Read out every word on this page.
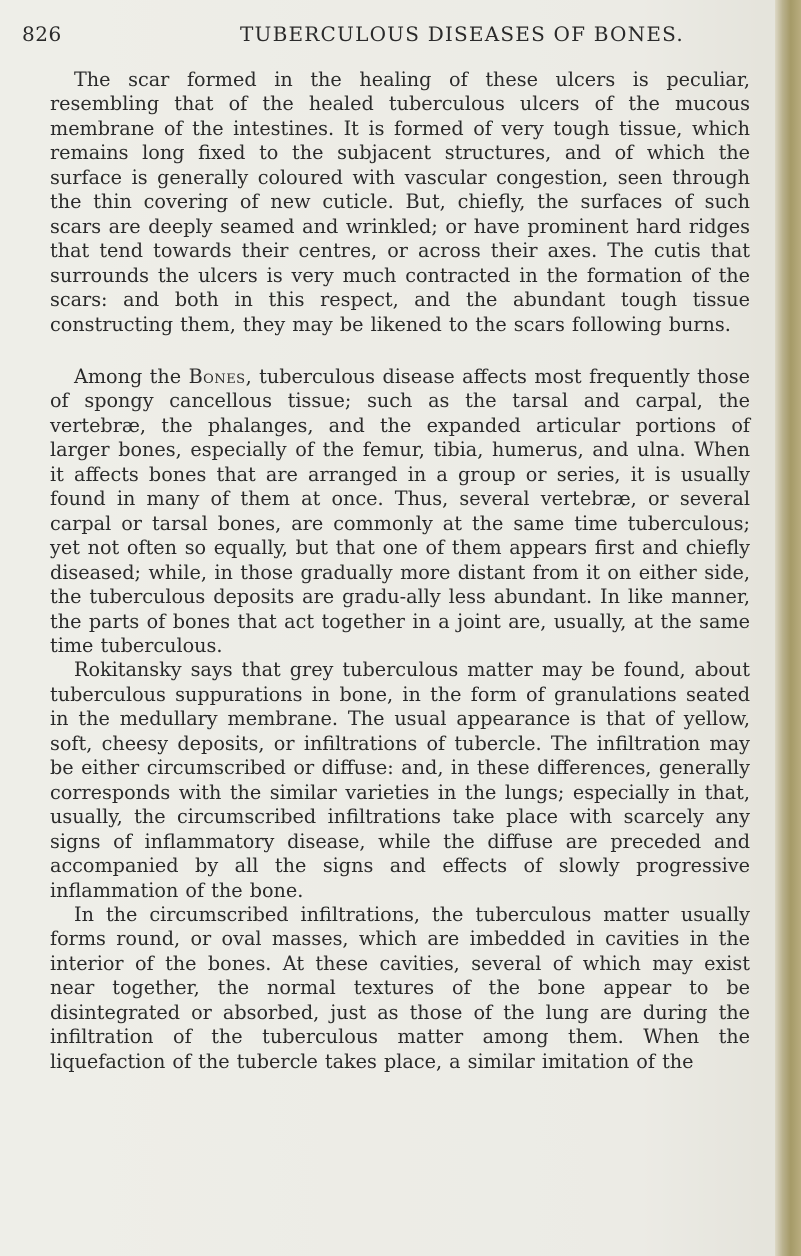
826	TUBERCULOUS DISEASES OF BONES.

The scar formed in the healing of these ulcers is peculiar, resembling that of the healed tuberculous ulcers of the mucous membrane of the intestines. It is formed of very tough tissue, which remains long fixed to the subjacent structures, and of which the surface is generally coloured with vascular congestion, seen through the thin covering of new cuticle. But, chiefly, the surfaces of such scars are deeply seamed and wrinkled; or have prominent hard ridges that tend towards their centres, or across their axes. The cutis that surrounds the ulcers is very much contracted in the formation of the scars: and both in this respect, and the abundant tough tissue constructing them, they may be likened to the scars following burns.

Among the Bones, tuberculous disease affects most frequently those of spongy cancellous tissue; such as the tarsal and carpal, the vertebræ, the phalanges, and the expanded articular portions of larger bones, especially of the femur, tibia, humerus, and ulna. When it affects bones that are arranged in a group or series, it is usually found in many of them at once. Thus, several vertebræ, or several carpal or tarsal bones, are commonly at the same time tuberculous; yet not often so equally, but that one of them appears first and chiefly diseased; while, in those gradually more distant from it on either side, the tuberculous deposits are gradu-ally less abundant. In like manner, the parts of bones that act together in a joint are, usually, at the same time tuberculous.

Rokitansky says that grey tuberculous matter may be found, about tuberculous suppurations in bone, in the form of granulations seated in the medullary membrane. The usual appearance is that of yellow, soft, cheesy deposits, or infiltrations of tubercle. The infiltration may be either circumscribed or diffuse: and, in these differences, generally corresponds with the similar varieties in the lungs; especially in that, usually, the circumscribed infiltrations take place with scarcely any signs of inflammatory disease, while the diffuse are preceded and accompanied by all the signs and effects of slowly progressive inflammation of the bone.

In the circumscribed infiltrations, the tuberculous matter usually forms round, or oval masses, which are imbedded in cavities in the interior of the bones. At these cavities, several of which may exist near together, the normal textures of the bone appear to be disintegrated or absorbed, just as those of the lung are during the infiltration of the tuberculous matter among them. When the liquefaction of the tubercle takes place, a similar imitation of the
